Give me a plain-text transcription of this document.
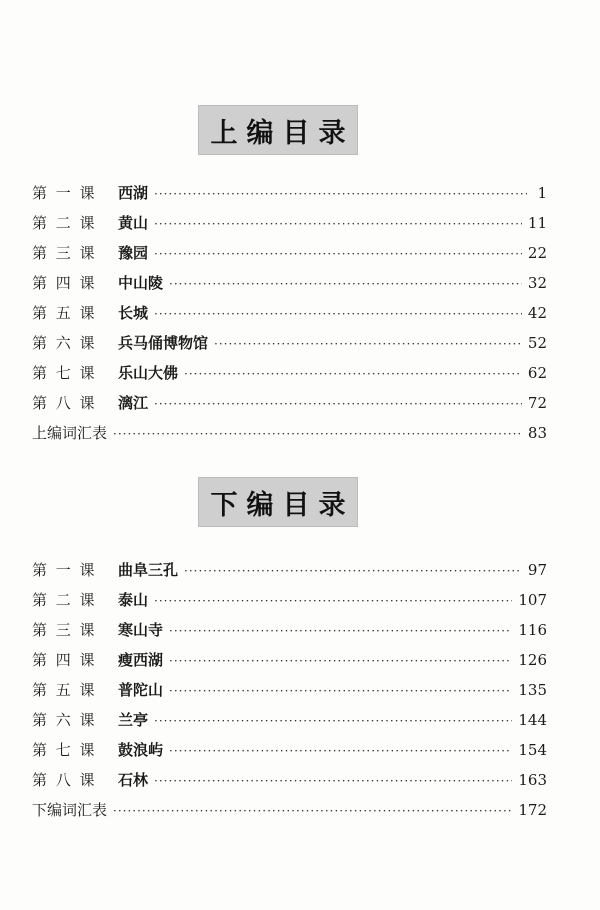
上编目录
第 一 课	西湖 ·····	1
第 二 课	黄山 ·····	11
第 三 课	豫园 ·····	22
第 四 课	中山陵 ·····	32
第 五 课	长城 ·····	42
第 六 课	兵马俑博物馆 ·····	52
第 七 课	乐山大佛 ·····	62
第 八 课	漓江 ·····	72
上编词汇表 ·····	83
下编目录
第 一 课	曲阜三孔 ·····	97
第 二 课	泰山 ·····	107
第 三 课	寒山寺 ·····	116
第 四 课	瘦西湖 ·····	126
第 五 课	普陀山 ·····	135
第 六 课	兰亭 ·····	144
第 七 课	鼓浪屿 ·····	154
第 八 课	石林 ·····	163
下编词汇表 ·····	172
